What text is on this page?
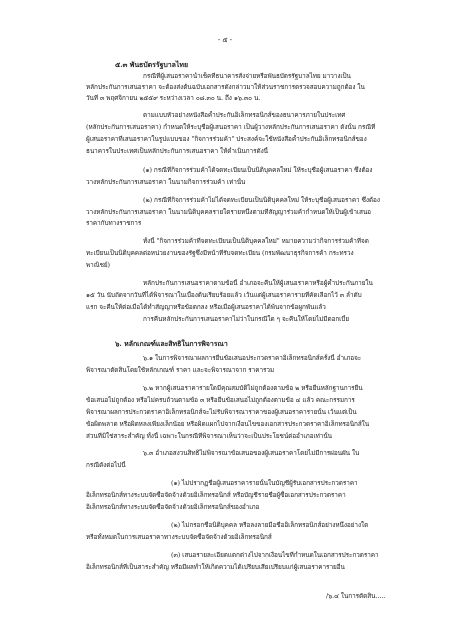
- ๕ -
๕.๓ พันธบัตรรัฐบาลไทย
กรณีที่ผู้เสนอราคานำเช็คที่ธนาคารสั่งจ่ายหรือพันธบัตรรัฐบาลไทย มาวางเป็น
หลักประกันการเสนอราคา จะต้องส่งต้นฉบับเอกสารดังกล่าวมาให้ส่วนราชการตรวจสอบความถูกต้อง ใน
วันที่ ๓ พฤศจิกายน ๒๕๕๙ ระหว่างเวลา ๐๘.๓๐ น. ถึง ๑๖.๓๐ น.
ตามแบบหัวอย่างหนังสือค้ำประกันอิเล็กทรอนิกส์ของธนาคารภายในประเทศ
(หลักประกันการเสนอราคา) กำหนดให้ระบุชื่อผู้เสนอราคา เป็นผู้วางหลักประกันการเสนอราคา ดังนั้น กรณีที่
ผู้เสนอราคาที่เสนอราคาในรูปแบบของ "กิจการร่วมค้า" ประสงค์จะใช้หนังสือค้ำประกันอิเล็กทรอนิกส์ของ
ธนาคารในประเทศเป็นหลักประกันการเสนอราคา ให้ดำเนินการดังนี้
(๑) กรณีที่กิจการร่วมค้าได้จดทะเบียนเป็นนิติบุคคลใหม่ ให้ระบุชื่อผู้เสนอราคา ซึ่งต้อง
วางหลักประกันการเสนอราคา ในนามกิจการร่วมค้า เท่านั้น
(๒) กรณีที่กิจการร่วมค้าไม่ได้จดทะเบียนเป็นนิติบุคคลใหม่ ให้ระบุชื่อผู้เสนอราคา ซึ่งต้อง
วางหลักประกันการเสนอราคา ในนามนิติบุคคลรายใดรายหนึ่งตามที่สัญญาร่วมค้ากำหนดให้เป็นผู้เข้าเสนอ
ราคากับทางราชการ
ทั้งนี้ "กิจการร่วมค้าที่จดทะเบียนเป็นนิติบุคคลใหม่" หมายความว่ากิจการร่วมค้าที่จด
ทะเบียนเป็นนิติบุคคลต่อหน่วยงานของรัฐซึ่งมีหน้าที่รับจดทะเบียน (กรมพัฒนาธุรกิจการค้า กระทรวง
พาณิชย์)
หลักประกันการเสนอราคาตามข้อนี้ อำเภอจะคืนให้ผู้เสนอราคาหรือผู้ค้ำประกันภายใน
๑๕ วัน นับถัดจากวันที่ได้พิจารณาในเบื้องต้นเรียบร้อยแล้ว เว้นแต่ผู้เสนอราคารายที่คัดเลือกไว้ ๓ ลำดับ
แรก จะคืนให้ต่อเมื่อได้ทำสัญญาหรือข้อตกลง หรือเมื่อผู้เสนอราคาได้พ้นจากข้อผูกพันแล้ว
การคืนหลักประกันการเสนอราคาไม่ว่าในกรณีใด ๆ จะคืนให้โดยไม่มีดอกเบี้ย
๖. หลักเกณฑ์และสิทธิในการพิจารณา
๖.๑ ในการพิจารณาผลการยื่นข้อเสนอประกวดราคาอิเล็กทรอนิกส์ครั้งนี้ อำเภอจะ
พิจารณาตัดสินโดยใช้หลักเกณฑ์ ราคา และจะพิจารณาจาก ราคารวม
๖.๒ หากผู้เสนอราคารายใดมีคุณสมบัติไม่ถูกต้องตามข้อ ๒ หรือยื่นหลักฐานการยื่น
ข้อเสนอไม่ถูกต้อง หรือไม่ครบถ้วนตามข้อ ๓ หรือยื่นข้อเสนอไม่ถูกต้องตามข้อ ๔ แล้ว คณะกรรมการ
พิจารณาผลการประกวดราคาอิเล็กทรอนิกส์จะไม่รับพิจารณาราคาของผู้เสนอราคารายนั้น เว้นแต่เป็น
ข้อผิดพลาด หรือผิดหลงเพียงเล็กน้อย หรือผิดแผกไปจากเงื่อนไขของเอกสารประกวดราคาอิเล็กทรอนิกส์ใน
ส่วนที่มิใช่สาระสำคัญ ทั้งนี้ เฉพาะในกรณีที่พิจารณาเห็นว่าจะเป็นประโยชน์ต่ออำเภอเท่านั้น
๖.๓ อำเภอสงวนสิทธิไม่พิจารณาข้อเสนอของผู้เสนอราคาโดยไม่มีการผ่อนผัน ใน
กรณีดังต่อไปนี้
(๑) ไม่ปรากฏชื่อผู้เสนอราคารายนั้นในบัญชีผู้รับเอกสารประกวดราคา
อิเล็กทรอนิกส์ทางระบบจัดซื้อจัดจ้างด้วยอิเล็กทรอนิกส์ หรือบัญชีรายชื่อผู้ซื้อเอกสารประกวดราคา
อิเล็กทรอนิกส์ทางระบบจัดซื้อจัดจ้างด้วยอิเล็กทรอนิกส์ของอำเภอ
(๒) ไม่กรอกชื่อนิติบุคคล หรือลงลายมือชื่ออิเล็กทรอนิกส์อย่างหนึ่งอย่างใด
หรือทั้งหมดในการเสนอราคาทางระบบจัดซื้อจัดจ้างด้วยอิเล็กทรอนิกส์
(๓) เสนอรายละเอียดแตกต่างไปจากเงื่อนไขที่กำหนดในเอกสารประกวดราคา
อิเล็กทรอนิกส์ที่เป็นสาระสำคัญ หรือมีผลทำให้เกิดความได้เปรียบเสียเปรียบแก่ผู้เสนอราคารายอื่น
/๖.๔ ในการตัดสิน.....
